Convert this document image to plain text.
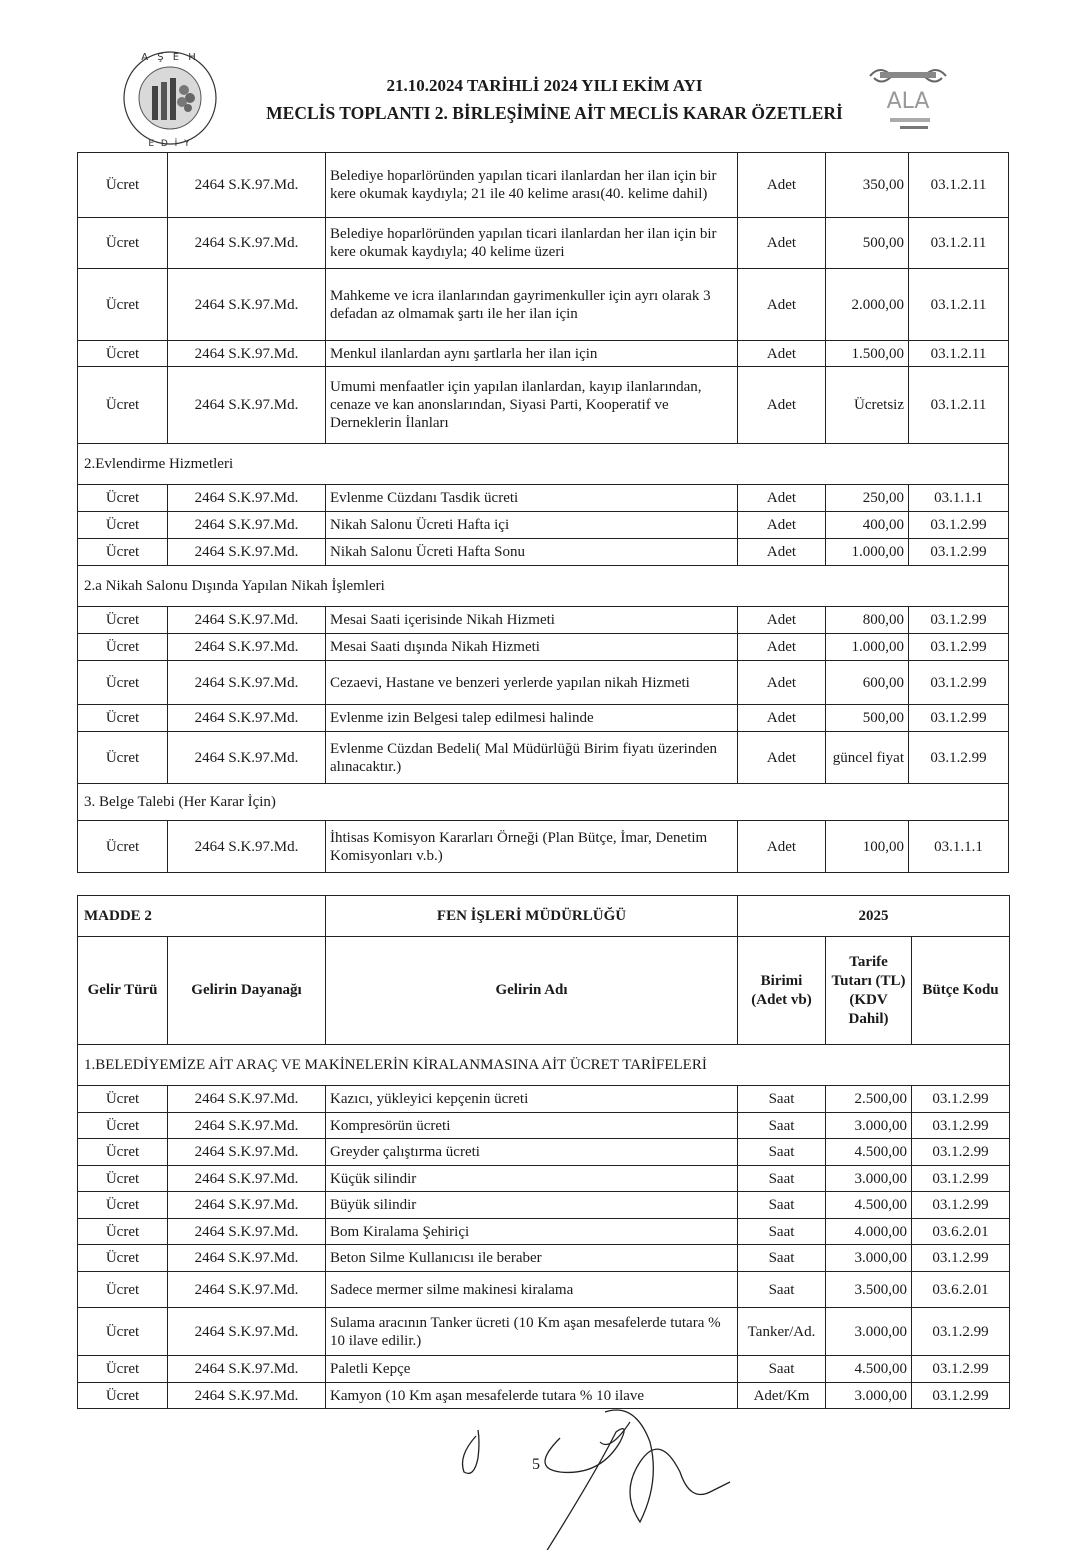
A Ş E H
E D İ Y
ALA
21.10.2024 TARİHLİ 2024 YILI EKİM AYI
MECLİS TOPLANTI 2. BİRLEŞİMİNE AİT MECLİS KARAR ÖZETLERİ
Ücret	2464 S.K.97.Md.	Belediye hoparlöründen yapılan ticari ilanlardan her ilan için bir kere okumak kaydıyla; 21 ile 40 kelime arası(40. kelime dahil)	Adet	350,00	03.1.2.11
Ücret	2464 S.K.97.Md.	Belediye hoparlöründen yapılan ticari ilanlardan her ilan için bir kere okumak kaydıyla; 40 kelime üzeri	Adet	500,00	03.1.2.11
Ücret	2464 S.K.97.Md.	Mahkeme ve icra ilanlarından gayrimenkuller için ayrı olarak 3 defadan az olmamak şartı ile her ilan için	Adet	2.000,00	03.1.2.11
Ücret	2464 S.K.97.Md.	Menkul ilanlardan aynı şartlarla her ilan için	Adet	1.500,00	03.1.2.11
Ücret	2464 S.K.97.Md.	Umumi menfaatler için yapılan ilanlardan, kayıp ilanlarından, cenaze ve kan anonslarından, Siyasi Parti, Kooperatif ve Derneklerin İlanları	Adet	Ücretsiz	03.1.2.11
2.Evlendirme Hizmetleri					
Ücret	2464 S.K.97.Md.	Evlenme Cüzdanı Tasdik ücreti	Adet	250,00	03.1.1.1
Ücret	2464 S.K.97.Md.	Nikah Salonu Ücreti Hafta içi	Adet	400,00	03.1.2.99
Ücret	2464 S.K.97.Md.	Nikah Salonu Ücreti Hafta Sonu	Adet	1.000,00	03.1.2.99
2.a Nikah Salonu Dışında Yapılan Nikah İşlemleri					
Ücret	2464 S.K.97.Md.	Mesai Saati içerisinde Nikah Hizmeti	Adet	800,00	03.1.2.99
Ücret	2464 S.K.97.Md.	Mesai Saati dışında Nikah Hizmeti	Adet	1.000,00	03.1.2.99
Ücret	2464 S.K.97.Md.	Cezaevi, Hastane ve benzeri yerlerde yapılan nikah Hizmeti	Adet	600,00	03.1.2.99
Ücret	2464 S.K.97.Md.	Evlenme izin Belgesi talep edilmesi halinde	Adet	500,00	03.1.2.99
Ücret	2464 S.K.97.Md.	Evlenme Cüzdan Bedeli( Mal Müdürlüğü Birim fiyatı üzerinden alınacaktır.)	Adet	güncel fiyat	03.1.2.99
3. Belge Talebi (Her Karar İçin)					
Ücret	2464 S.K.97.Md.	İhtisas Komisyon Kararları Örneği (Plan Bütçe, İmar, Denetim Komisyonları v.b.)	Adet	100,00	03.1.1.1
MADDE 2		FEN İŞLERİ MÜDÜRLÜĞÜ	2025		
Gelir Türü	Gelirin Dayanağı	Gelirin Adı	Birimi (Adet vb)	Tarife Tutarı (TL) (KDV Dahil)	Bütçe Kodu
1.BELEDİYEMİZE AİT ARAÇ VE MAKİNELERİN KİRALANMASINA AİT ÜCRET TARİFELERİ					
Ücret	2464 S.K.97.Md.	Kazıcı, yükleyici kepçenin ücreti	Saat	2.500,00	03.1.2.99
Ücret	2464 S.K.97.Md.	Kompresörün ücreti	Saat	3.000,00	03.1.2.99
Ücret	2464 S.K.97.Md.	Greyder çalıştırma ücreti	Saat	4.500,00	03.1.2.99
Ücret	2464 S.K.97.Md.	Küçük silindir	Saat	3.000,00	03.1.2.99
Ücret	2464 S.K.97.Md.	Büyük silindir	Saat	4.500,00	03.1.2.99
Ücret	2464 S.K.97.Md.	Bom Kiralama Şehiriçi	Saat	4.000,00	03.6.2.01
Ücret	2464 S.K.97.Md.	Beton Silme Kullanıcısı ile beraber	Saat	3.000,00	03.1.2.99
Ücret	2464 S.K.97.Md.	Sadece mermer silme makinesi kiralama	Saat	3.500,00	03.6.2.01
Ücret	2464 S.K.97.Md.	Sulama aracının Tanker ücreti (10 Km aşan mesafelerde tutara % 10 ilave edilir.)	Tanker/Ad.	3.000,00	03.1.2.99
Ücret	2464 S.K.97.Md.	Paletli Kepçe	Saat	4.500,00	03.1.2.99
Ücret	2464 S.K.97.Md.	Kamyon (10 Km aşan mesafelerde tutara % 10 ilave	Adet/Km	3.000,00	03.1.2.99
5
